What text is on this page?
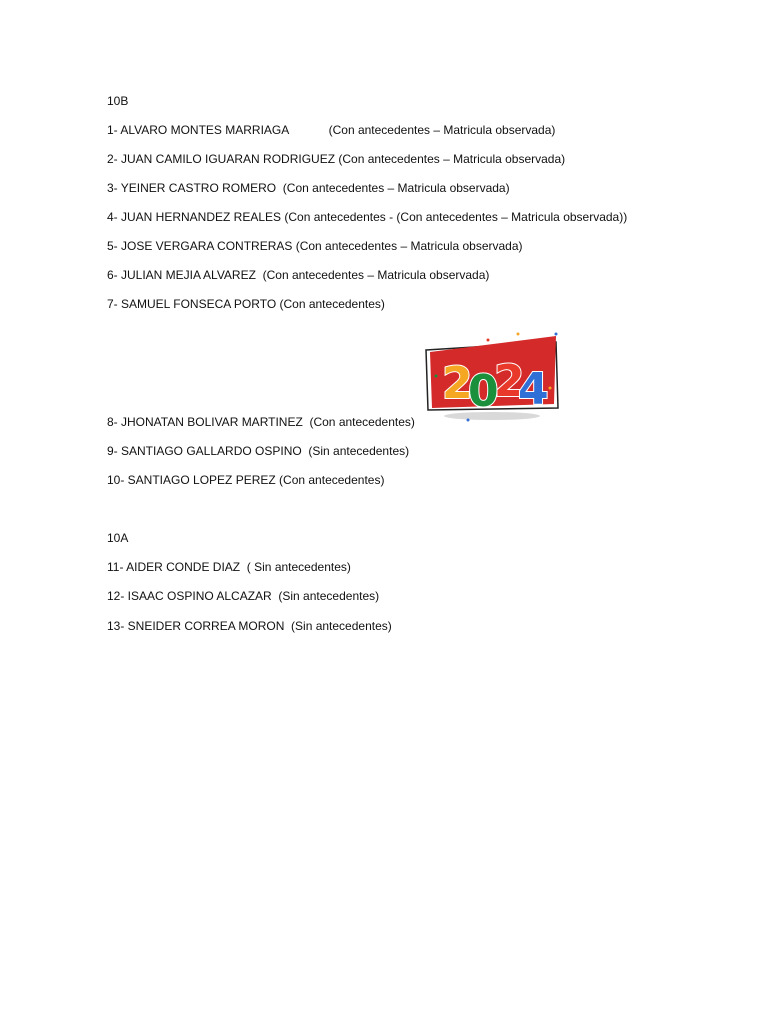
10B
1- ALVARO MONTES MARRIAGA            (Con antecedentes – Matricula observada)
2- JUAN CAMILO IGUARAN RODRIGUEZ (Con antecedentes – Matricula observada)
3- YEINER CASTRO ROMERO  (Con antecedentes – Matricula observada)
4- JUAN HERNANDEZ REALES (Con antecedentes - (Con antecedentes – Matricula observada))
5- JOSE VERGARA CONTRERAS (Con antecedentes – Matricula observada)
6- JULIAN MEJIA ALVAREZ  (Con antecedentes – Matricula observada)
7- SAMUEL FONSECA PORTO (Con antecedentes)
2
0
2
4
8- JHONATAN BOLIVAR MARTINEZ  (Con antecedentes)
9- SANTIAGO GALLARDO OSPINO  (Sin antecedentes)
10- SANTIAGO LOPEZ PEREZ (Con antecedentes)
10A
11- AIDER CONDE DIAZ  ( Sin antecedentes)
12- ISAAC OSPINO ALCAZAR  (Sin antecedentes)
13- SNEIDER CORREA MORON  (Sin antecedentes)
